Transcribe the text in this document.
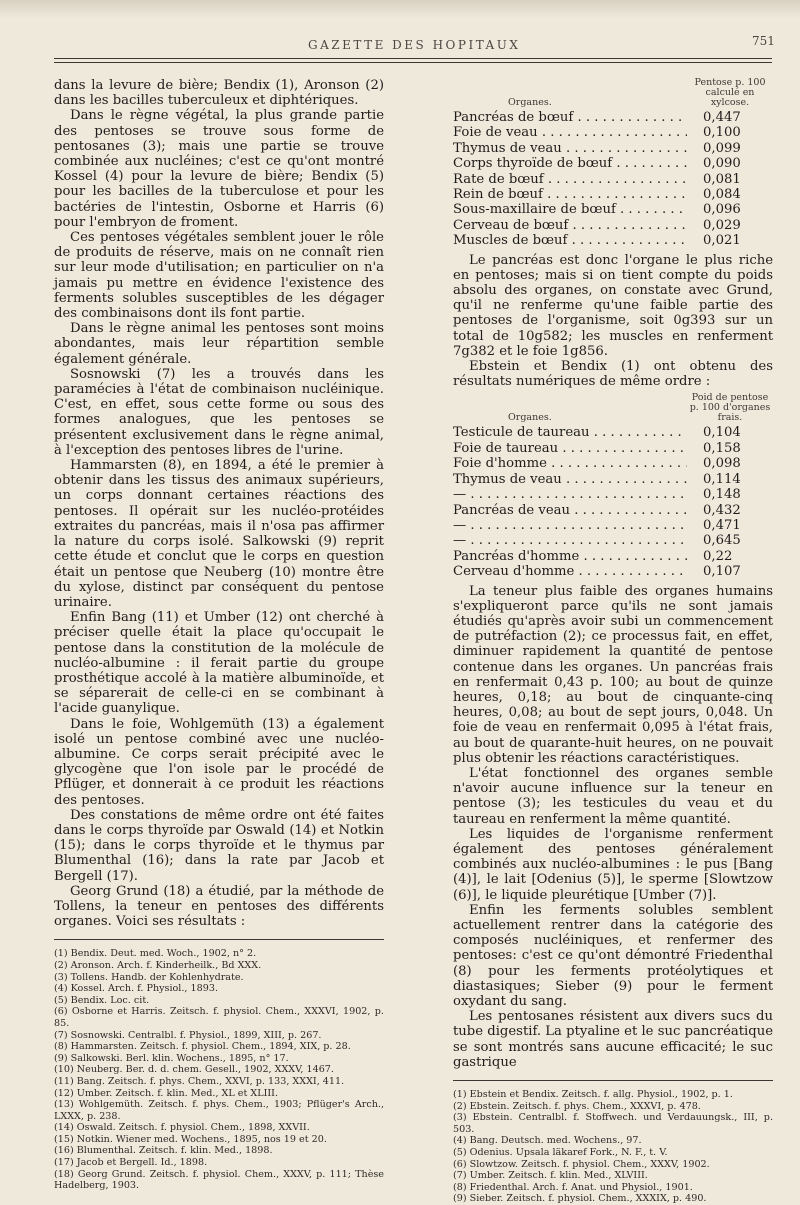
GAZETTE DES HOPITAUX	751

dans la levure de bière; Bendix (1), Aronson (2) dans les bacilles tuberculeux et diphtériques.

Dans le règne végétal, la plus grande partie des pentoses se trouve sous forme de pentosanes (3); mais une partie se trouve combinée aux nucléines; c'est ce qu'ont montré Kossel (4) pour la levure de bière; Bendix (5) pour les bacilles de la tuberculose et pour les bactéries de l'intestin, Osborne et Harris (6) pour l'embryon de froment.

Ces pentoses végétales semblent jouer le rôle de produits de réserve, mais on ne connaît rien sur leur mode d'utilisation; en particulier on n'a jamais pu mettre en évidence l'existence des ferments solubles susceptibles de les dégager des combinaisons dont ils font partie.

Dans le règne animal les pentoses sont moins abondantes, mais leur répartition semble également générale.

Sosnowski (7) les a trouvés dans les paramécies à l'état de combinaison nucléinique. C'est, en effet, sous cette forme ou sous des formes analogues, que les pentoses se présentent exclusivement dans le règne animal, à l'exception des pentoses libres de l'urine.

Hammarsten (8), en 1894, a été le premier à obtenir dans les tissus des animaux supérieurs, un corps donnant certaines réactions des pentoses. Il opérait sur les nucléo-protéides extraites du pancréas, mais il n'osa pas affirmer la nature du corps isolé. Salkowski (9) reprit cette étude et conclut que le corps en question était un pentose que Neuberg (10) montre être du xylose, distinct par conséquent du pentose urinaire.

Enfin Bang (11) et Umber (12) ont cherché à préciser quelle était la place qu'occupait le pentose dans la constitution de la molécule de nucléo-albumine : il ferait partie du groupe prosthétique accolé à la matière albuminoïde, et se séparerait de celle-ci en se combinant à l'acide guanylique.

Dans le foie, Wohlgemüth (13) a également isolé un pentose combiné avec une nucléo-albumine. Ce corps serait précipité avec le glycogène que l'on isole par le procédé de Pflüger, et donnerait à ce produit les réactions des pentoses.

Des constations de même ordre ont été faites dans le corps thyroïde par Oswald (14) et Notkin (15); dans le corps thyroïde et le thymus par Blumenthal (16); dans la rate par Jacob et Bergell (17).

Georg Grund (18) a étudié, par la méthode de Tollens, la teneur en pentoses des différents organes. Voici ses résultats :

(1) Bendix. Deut. med. Woch., 1902, n° 2.
(2) Aronson. Arch. f. Kinderheilk., Bd XXX.
(3) Tollens. Handb. der Kohlenhydrate.
(4) Kossel. Arch. f. Physiol., 1893.
(5) Bendix. Loc. cit.
(6) Osborne et Harris. Zeitsch. f. physiol. Chem., XXXVI, 1902, p. 85.
(7) Sosnowski. Centralbl. f. Physiol., 1899, XIII, p. 267.
(8) Hammarsten. Zeitsch. f. physiol. Chem., 1894, XIX, p. 28.
(9) Salkowski. Berl. klin. Wochens., 1895, n° 17.
(10) Neuberg. Ber. d. d. chem. Gesell., 1902, XXXV, 1467.
(11) Bang. Zeitsch. f. phys. Chem., XXVI, p. 133, XXXI, 411.
(12) Umber. Zeitsch. f. klin. Med., XL et XLIII.
(13) Wohlgemüth. Zeitsch. f. phys. Chem., 1903; Pflüger's Arch., LXXX, p. 238.
(14) Oswald. Zeitsch. f. physiol. Chem., 1898, XXVII.
(15) Notkin. Wiener med. Wochens., 1895, nos 19 et 20.
(16) Blumenthal. Zeitsch. f. klin. Med., 1898.
(17) Jacob et Bergell. Id., 1898.
(18) Georg Grund. Zeitsch. f. physiol. Chem., XXXV, p. 111; Thèse Hadelberg, 1903.
Organes.
Pentose p. 100 calculé en xylcose.
Pancréas de bœuf . . .	0,447
Foie de veau . . .	0,100
Thymus de veau . . .	0,099
Corps thyroïde de bœuf . . .	0,090
Rate de bœuf . . .	0,081
Rein de bœuf . . .	0,084
Sous-maxillaire de bœuf . . .	0,096
Cerveau de bœuf . . .	0,029
Muscles de bœuf . . .	0,021

Le pancréas est donc l'organe le plus riche en pentoses; mais si on tient compte du poids absolu des organes, on constate avec Grund, qu'il ne renferme qu'une faible partie des pentoses de l'organisme, soit 0g393 sur un total de 10g582; les muscles en renferment 7g382 et le foie 1g856.

Ebstein et Bendix (1) ont obtenu des résultats numériques de même ordre :

Organes.
Poid de pentose p. 100 d'organes frais.
Testicule de taureau . . .	0,104
Foie de taureau . . .	0,158
Foie d'homme . . .	0,098
Thymus de veau . . .	0,114
— . . .	0,148
Pancréas de veau . . .	0,432
— . . .	0,471
— . . .	0,645
Pancréas d'homme . . .	0,22
Cerveau d'homme . . .	0,107

La teneur plus faible des organes humains s'expliqueront parce qu'ils ne sont jamais étudiés qu'après avoir subi un commencement de putréfaction (2); ce processus fait, en effet, diminuer rapidement la quantité de pentose contenue dans les organes. Un pancréas frais en renfermait 0,43 p. 100; au bout de quinze heures, 0,18; au bout de cinquante-cinq heures, 0,08; au bout de sept jours, 0,048. Un foie de veau en renfermait 0,095 à l'état frais, au bout de quarante-huit heures, on ne pouvait plus obtenir les réactions caractéristiques.

L'état fonctionnel des organes semble n'avoir aucune influence sur la teneur en pentose (3); les testicules du veau et du taureau en renferment la même quantité.

Les liquides de l'organisme renferment également des pentoses généralement combinés aux nucléo-albumines : le pus [Bang (4)], le lait [Odenius (5)], le sperme [Slowtzow (6)], le liquide pleurétique [Umber (7)].

Enfin les ferments solubles semblent actuellement rentrer dans la catégorie des composés nucléiniques, et renfermer des pentoses: c'est ce qu'ont démontré Friedenthal (8) pour les ferments protéolytiques et diastasiques; Sieber (9) pour le ferment oxydant du sang.

Les pentosanes résistent aux divers sucs du tube digestif. La ptyaline et le suc pancréatique se sont montrés sans aucune efficacité; le suc gastrique

(1) Ebstein et Bendix. Zeitsch. f. allg. Physiol., 1902, p. 1.
(2) Ebstein. Zeitsch. f. phys. Chem., XXXVI, p. 478.
(3) Ebstein. Centralbl. f. Stoffwech. und Verdauungsk., III, p. 503.
(4) Bang. Deutsch. med. Wochens., 97.
(5) Odenius. Upsala läkaref Fork., N. F., t. V.
(6) Slowtzow. Zeitsch. f. physiol. Chem., XXXV, 1902.
(7) Umber. Zeitsch. f. klin. Med., XLVIII.
(8) Friedenthal. Arch. f. Anat. und Physiol., 1901.
(9) Sieber. Zeitsch. f. physiol. Chem., XXXIX, p. 490.
